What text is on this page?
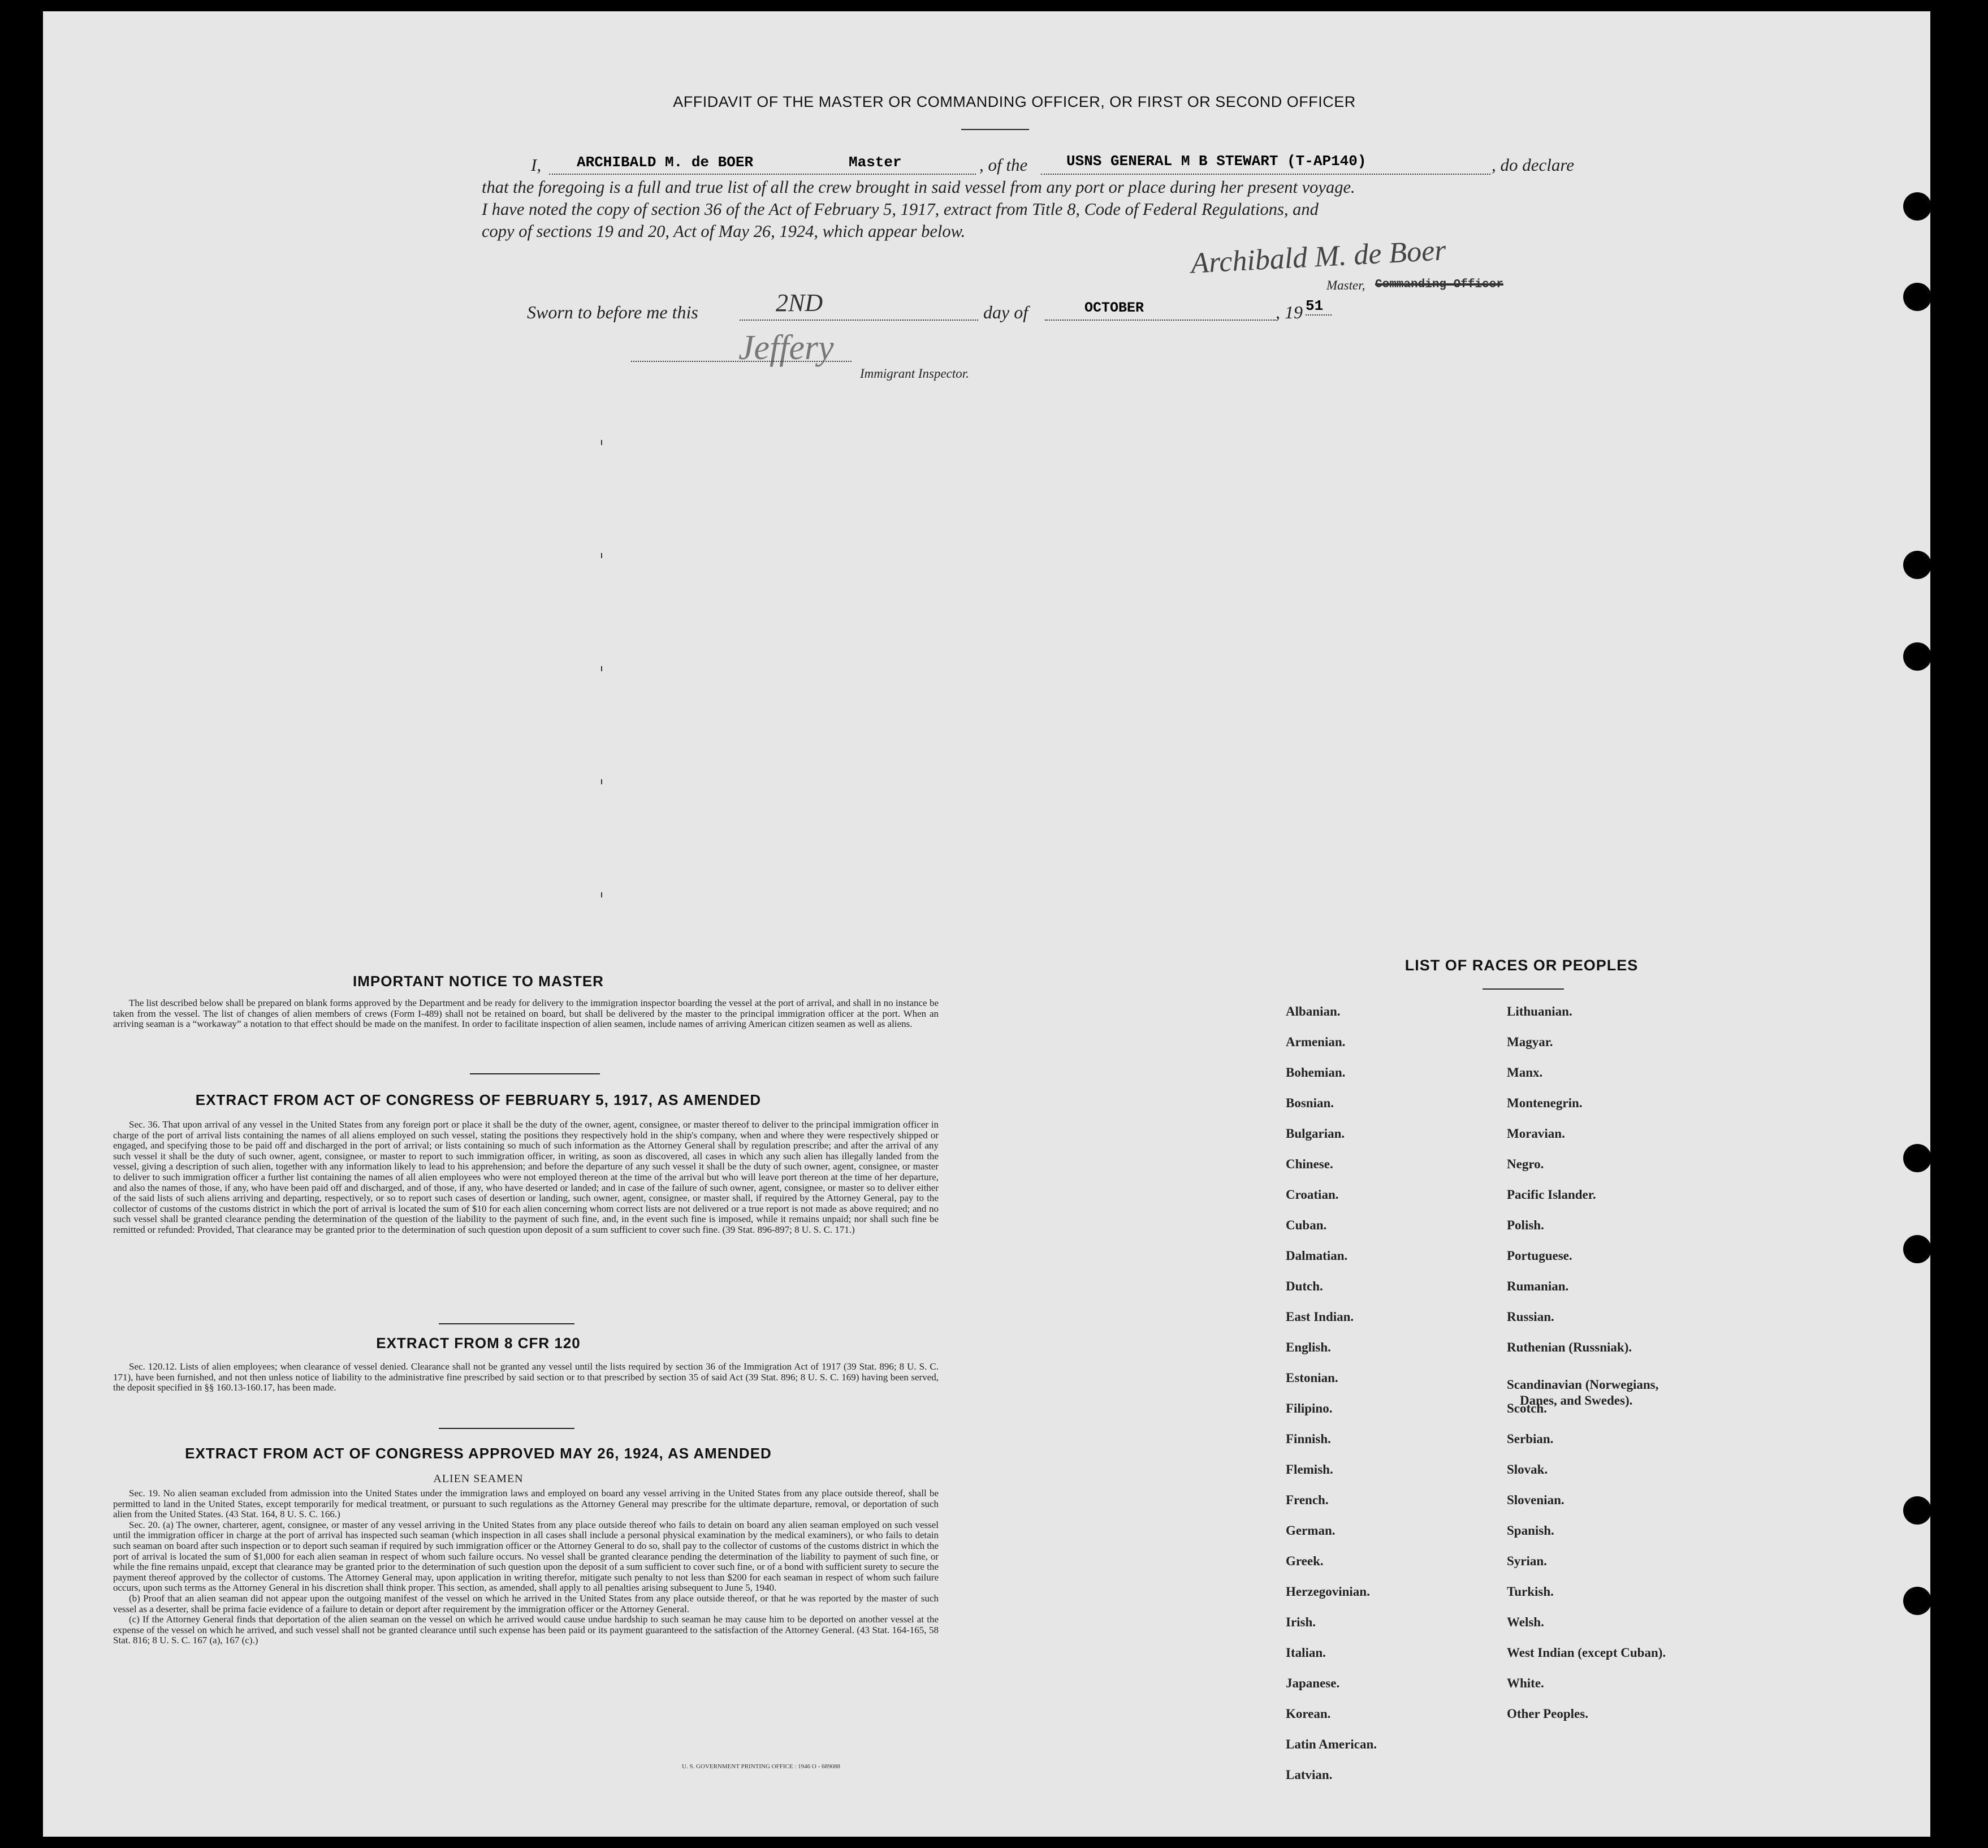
AFFIDAVIT OF THE MASTER OR COMMANDING OFFICER, OR FIRST OR SECOND OFFICER
I, ARCHIBALD M. de BOER	Master	, of the	USNS GENERAL M B STEWART (T-AP140)	, do declare
that the foregoing is a full and true list of all the crew brought in said vessel from any port or place during her present voyage.
I have noted the copy of section 36 of the Act of February 5, 1917, extract from Title 8, Code of Federal Regulations, and
copy of sections 19 and 20, Act of May 26, 1924, which appear below.
Archibald M. de Boer
Master, Commanding Officer
Sworn to before me this	2ND	day of	OCTOBER	, 19 51
Jeffery
Immigrant Inspector.
IMPORTANT NOTICE TO MASTER

The list described below shall be prepared on blank forms approved by the Department and be ready for delivery to the immigration inspector boarding the vessel at the port of arrival, and shall in no instance be taken from the vessel. The list of changes of alien members of crews (Form I-489) shall not be retained on board, but shall be delivered by the master to the principal immigration officer at the port. When an arriving seaman is a “workaway” a notation to that effect should be made on the manifest. In order to facilitate inspection of alien seamen, include names of arriving American citizen seamen as well as aliens.

EXTRACT FROM ACT OF CONGRESS OF FEBRUARY 5, 1917, AS AMENDED

Sec. 36. That upon arrival of any vessel in the United States from any foreign port or place it shall be the duty of the owner, agent, consignee, or master thereof to deliver to the principal immigration officer in charge of the port of arrival lists containing the names of all aliens employed on such vessel, stating the positions they respectively hold in the ship's company, when and where they were respectively shipped or engaged, and specifying those to be paid off and discharged in the port of arrival; or lists containing so much of such information as the Attorney General shall by regulation prescribe; and after the arrival of any such vessel it shall be the duty of such owner, agent, consignee, or master to report to such immigration officer, in writing, as soon as discovered, all cases in which any such alien has illegally landed from the vessel, giving a description of such alien, together with any information likely to lead to his apprehension; and before the departure of any such vessel it shall be the duty of such owner, agent, consignee, or master to deliver to such immigration officer a further list containing the names of all alien employees who were not employed thereon at the time of the arrival but who will leave port thereon at the time of her departure, and also the names of those, if any, who have been paid off and discharged, and of those, if any, who have deserted or landed; and in case of the failure of such owner, agent, consignee, or master so to deliver either of the said lists of such aliens arriving and departing, respectively, or so to report such cases of desertion or landing, such owner, agent, consignee, or master shall, if required by the Attorney General, pay to the collector of customs of the customs district in which the port of arrival is located the sum of $10 for each alien concerning whom correct lists are not delivered or a true report is not made as above required; and no such vessel shall be granted clearance pending the determination of the question of the liability to the payment of such fine, and, in the event such fine is imposed, while it remains unpaid; nor shall such fine be remitted or refunded: Provided, That clearance may be granted prior to the determination of such question upon deposit of a sum sufficient to cover such fine. (39 Stat. 896-897; 8 U. S. C. 171.)

EXTRACT FROM 8 CFR 120

Sec. 120.12. Lists of alien employees; when clearance of vessel denied. Clearance shall not be granted any vessel until the lists required by section 36 of the Immigration Act of 1917 (39 Stat. 896; 8 U. S. C. 171), have been furnished, and not then unless notice of liability to the administrative fine prescribed by said section or to that prescribed by section 35 of said Act (39 Stat. 896; 8 U. S. C. 169) having been served, the deposit specified in §§ 160.13-160.17, has been made.

EXTRACT FROM ACT OF CONGRESS APPROVED MAY 26, 1924, AS AMENDED
ALIEN SEAMEN

Sec. 19. No alien seaman excluded from admission into the United States under the immigration laws and employed on board any vessel arriving in the United States from any place outside thereof, shall be permitted to land in the United States, except temporarily for medical treatment, or pursuant to such regulations as the Attorney General may prescribe for the ultimate departure, removal, or deportation of such alien from the United States. (43 Stat. 164, 8 U. S. C. 166.)

Sec. 20. (a) The owner, charterer, agent, consignee, or master of any vessel arriving in the United States from any place outside thereof who fails to detain on board any alien seaman employed on such vessel until the immigration officer in charge at the port of arrival has inspected such seaman (which inspection in all cases shall include a personal physical examination by the medical examiners), or who fails to detain such seaman on board after such inspection or to deport such seaman if required by such immigration officer or the Attorney General to do so, shall pay to the collector of customs of the customs district in which the port of arrival is located the sum of $1,000 for each alien seaman in respect of whom such failure occurs. No vessel shall be granted clearance pending the determination of the liability to payment of such fine, or while the fine remains unpaid, except that clearance may be granted prior to the determination of such question upon the deposit of a sum sufficient to cover such fine, or of a bond with sufficient surety to secure the payment thereof approved by the collector of customs. The Attorney General may, upon application in writing therefor, mitigate such penalty to not less than $200 for each seaman in respect of whom such failure occurs, upon such terms as the Attorney General in his discretion shall think proper. This section, as amended, shall apply to all penalties arising subsequent to June 5, 1940.

(b) Proof that an alien seaman did not appear upon the outgoing manifest of the vessel on which he arrived in the United States from any place outside thereof, or that he was reported by the master of such vessel as a deserter, shall be prima facie evidence of a failure to detain or deport after requirement by the immigration officer or the Attorney General.

(c) If the Attorney General finds that deportation of the alien seaman on the vessel on which he arrived would cause undue hardship to such seaman he may cause him to be deported on another vessel at the expense of the vessel on which he arrived, and such vessel shall not be granted clearance until such expense has been paid or its payment guaranteed to the satisfaction of the Attorney General. (43 Stat. 164-165, 58 Stat. 816; 8 U. S. C. 167 (a), 167 (c).)

U. S. GOVERNMENT PRINTING OFFICE : 1946 O - 689088
LIST OF RACES OR PEOPLES
Albanian.
Armenian.
Bohemian.
Bosnian.
Bulgarian.
Chinese.
Croatian.
Cuban.
Dalmatian.
Dutch.
East Indian.
English.
Estonian.
Filipino.
Finnish.
Flemish.
French.
German.
Greek.
Herzegovinian.
Irish.
Italian.
Japanese.
Korean.
Latin American.
Latvian.
Lithuanian.
Magyar.
Manx.
Montenegrin.
Moravian.
Negro.
Pacific Islander.
Polish.
Portuguese.
Rumanian.
Russian.
Ruthenian (Russniak).
Scandinavian (Norwegians,
Danes, and Swedes).
Scotch.
Serbian.
Slovak.
Slovenian.
Spanish.
Syrian.
Turkish.
Welsh.
West Indian (except Cuban).
White.
Other Peoples.
